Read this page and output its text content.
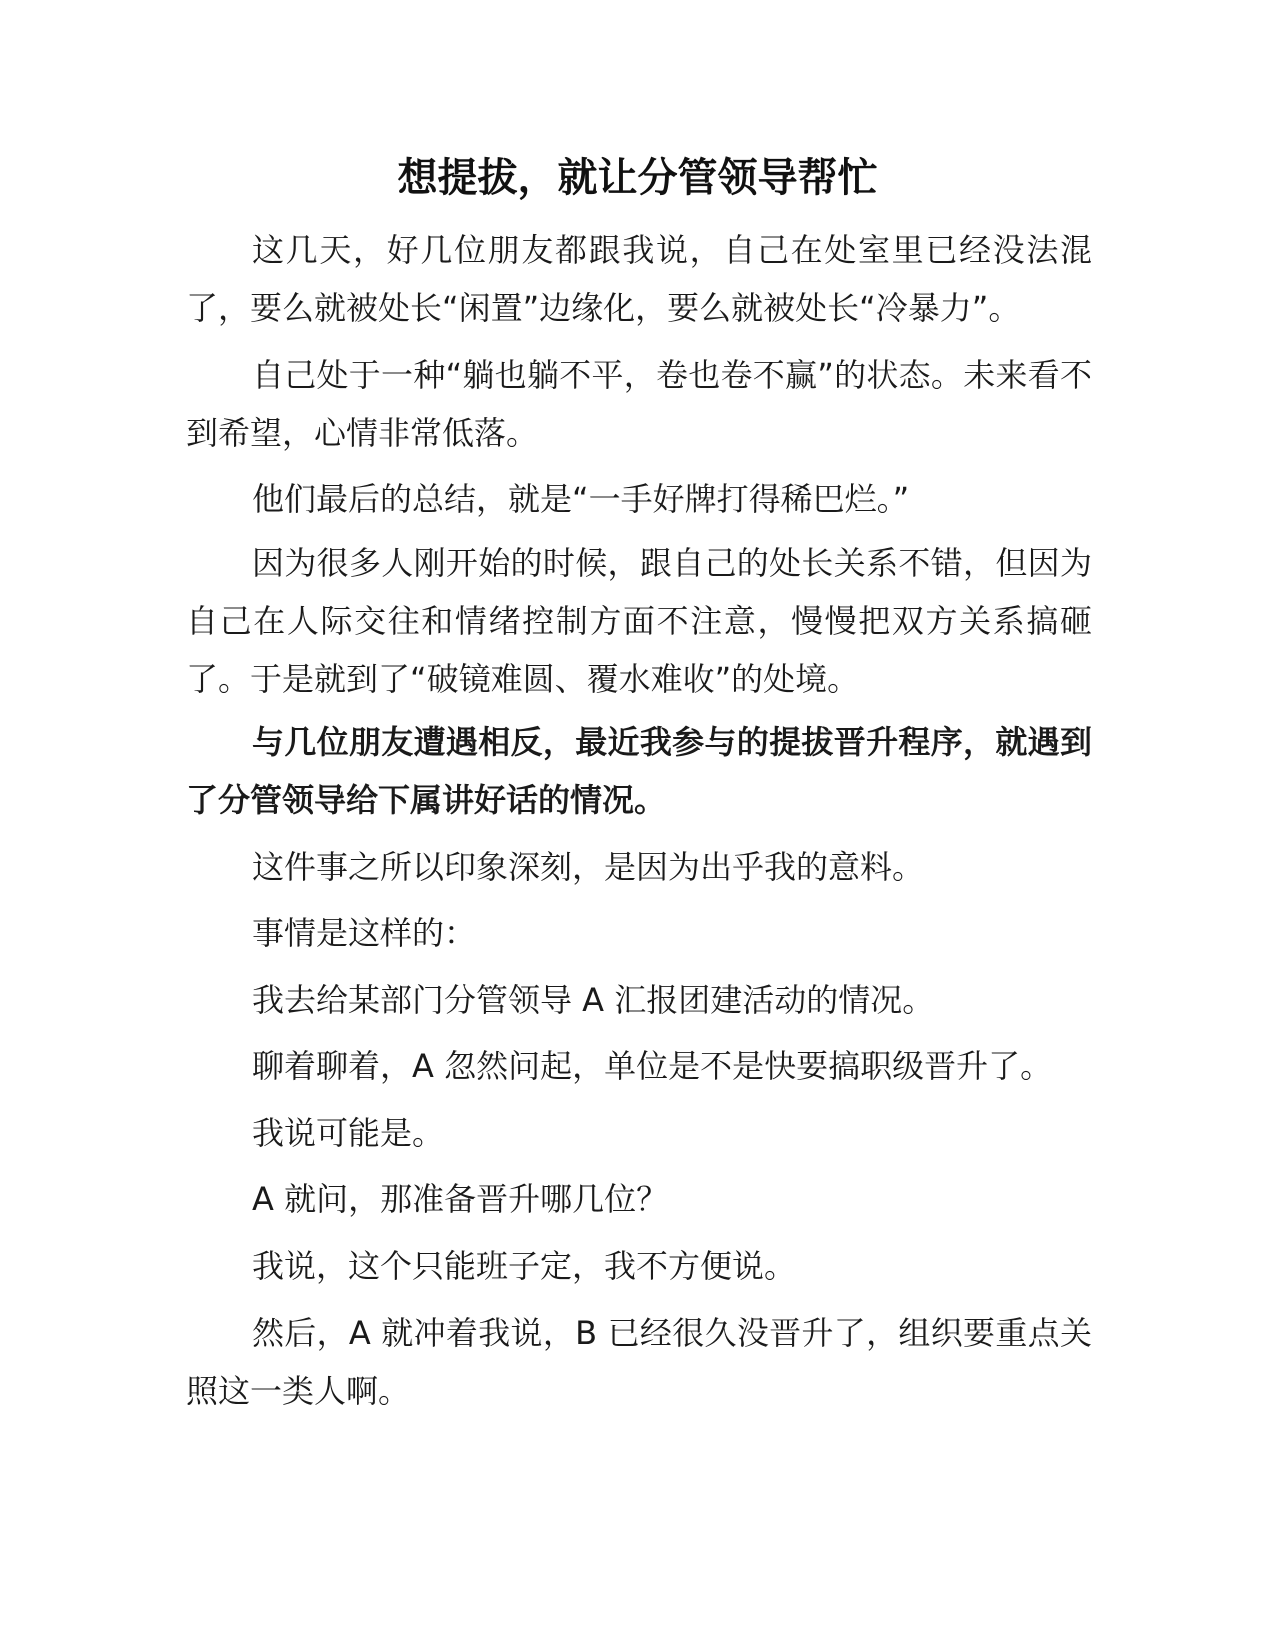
想提拔，就让分管领导帮忙

这几天，好几位朋友都跟我说，自己在处室里已经没法混了，要么就被处长“闲置”边缘化，要么就被处长“冷暴力”。

自己处于一种“躺也躺不平，卷也卷不赢”的状态。未来看不到希望，心情非常低落。

他们最后的总结，就是“一手好牌打得稀巴烂。”

因为很多人刚开始的时候，跟自己的处长关系不错，但因为自己在人际交往和情绪控制方面不注意，慢慢把双方关系搞砸了。于是就到了“破镜难圆、覆水难收”的处境。

与几位朋友遭遇相反，最近我参与的提拔晋升程序，就遇到了分管领导给下属讲好话的情况。

这件事之所以印象深刻，是因为出乎我的意料。

事情是这样的：

我去给某部门分管领导 A 汇报团建活动的情况。

聊着聊着，A 忽然问起，单位是不是快要搞职级晋升了。

我说可能是。

A 就问，那准备晋升哪几位？

我说，这个只能班子定，我不方便说。

然后，A 就冲着我说，B 已经很久没晋升了，组织要重点关照这一类人啊。
